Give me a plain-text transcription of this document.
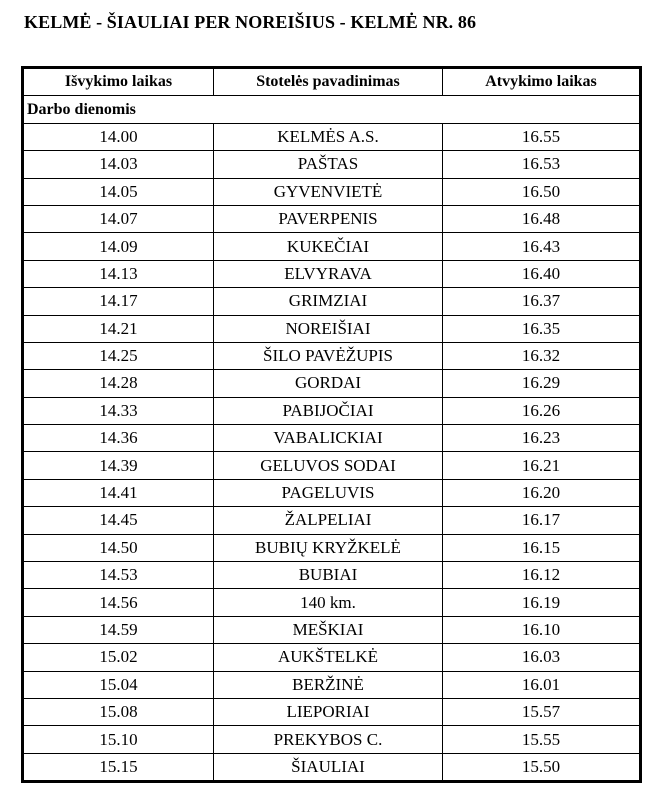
KELMĖ - ŠIAULIAI PER NOREIŠIUS - KELMĖ NR. 86
Išvykimo laikas	Stotelės pavadinimas	Atvykimo laikas
Darbo dienomis		
14.00	KELMĖS A.S.	16.55
14.03	PAŠTAS	16.53
14.05	GYVENVIETĖ	16.50
14.07	PAVERPENIS	16.48
14.09	KUKEČIAI	16.43
14.13	ELVYRAVA	16.40
14.17	GRIMZIAI	16.37
14.21	NOREIŠIAI	16.35
14.25	ŠILO PAVĖŽUPIS	16.32
14.28	GORDAI	16.29
14.33	PABIJOČIAI	16.26
14.36	VABALICKIAI	16.23
14.39	GELUVOS SODAI	16.21
14.41	PAGELUVIS	16.20
14.45	ŽALPELIAI	16.17
14.50	BUBIŲ KRYŽKELĖ	16.15
14.53	BUBIAI	16.12
14.56	140 km.	16.19
14.59	MEŠKIAI	16.10
15.02	AUKŠTELKĖ	16.03
15.04	BERŽINĖ	16.01
15.08	LIEPORIAI	15.57
15.10	PREKYBOS C.	15.55
15.15	ŠIAULIAI	15.50
